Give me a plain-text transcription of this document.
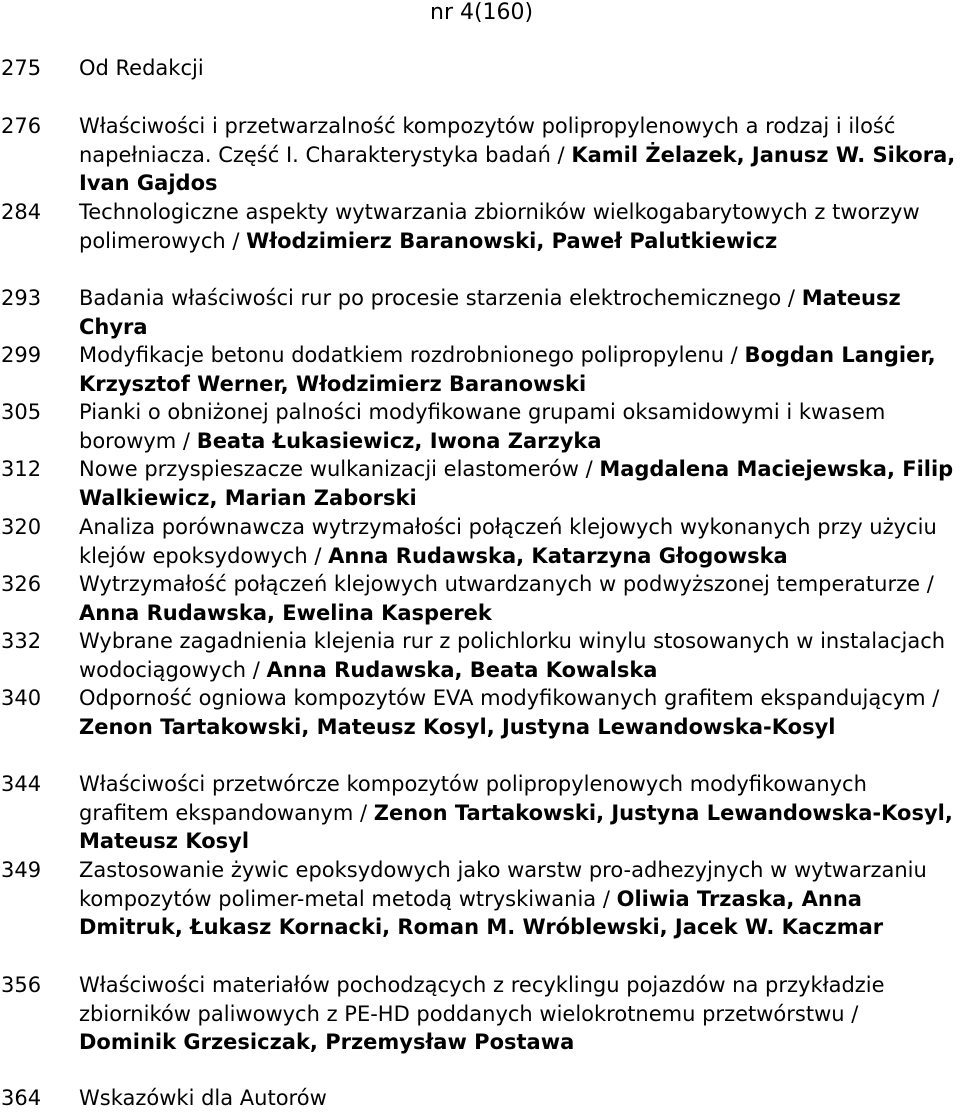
nr 4(160)
275	Od Redakcji
276	Właściwości i przetwarzalność kompozytów polipropylenowych a rodzaj i ilość napełniacza. Część I. Charakterystyka badań / Kamil Żelazek, Janusz W. Sikora, Ivan Gajdos
284	Technologiczne aspekty wytwarzania zbiorników wielkogabarytowych z tworzyw polimerowych / Włodzimierz Baranowski, Paweł Palutkiewicz
293	Badania właściwości rur po procesie starzenia elektrochemicznego / Mateusz Chyra
299	Modyfikacje betonu dodatkiem rozdrobnionego polipropylenu / Bogdan Langier, Krzysztof Werner, Włodzimierz Baranowski
305	Pianki o obniżonej palności modyfikowane grupami oksamidowymi i kwasem borowym / Beata Łukasiewicz, Iwona Zarzyka
312	Nowe przyspieszacze wulkanizacji elastomerów / Magdalena Maciejewska, Filip Walkiewicz, Marian Zaborski
320	Analiza porównawcza wytrzymałości połączeń klejowych wykonanych przy użyciu klejów epoksydowych / Anna Rudawska, Katarzyna Głogowska
326	Wytrzymałość połączeń klejowych utwardzanych w podwyższonej temperaturze / Anna Rudawska, Ewelina Kasperek
332	Wybrane zagadnienia klejenia rur z polichlorku winylu stosowanych w instalacjach wodociągowych / Anna Rudawska, Beata Kowalska
340	Odporność ogniowa kompozytów EVA modyfikowanych grafitem ekspandującym / Zenon Tartakowski, Mateusz Kosyl, Justyna Lewandowska-Kosyl
344	Właściwości przetwórcze kompozytów polipropylenowych modyfikowanych grafitem ekspandowanym / Zenon Tartakowski, Justyna Lewandowska-Kosyl, Mateusz Kosyl
349	Zastosowanie żywic epoksydowych jako warstw pro-adhezyjnych w wytwarzaniu kompozytów polimer-metal metodą wtryskiwania / Oliwia Trzaska, Anna Dmitruk, Łukasz Kornacki, Roman M. Wróblewski, Jacek W. Kaczmar
356	Właściwości materiałów pochodzących z recyklingu pojazdów na przykładzie zbiorników paliwowych z PE-HD poddanych wielokrotnemu przetwórstwu / Dominik Grzesiczak, Przemysław Postawa
364	Wskazówki dla Autorów
